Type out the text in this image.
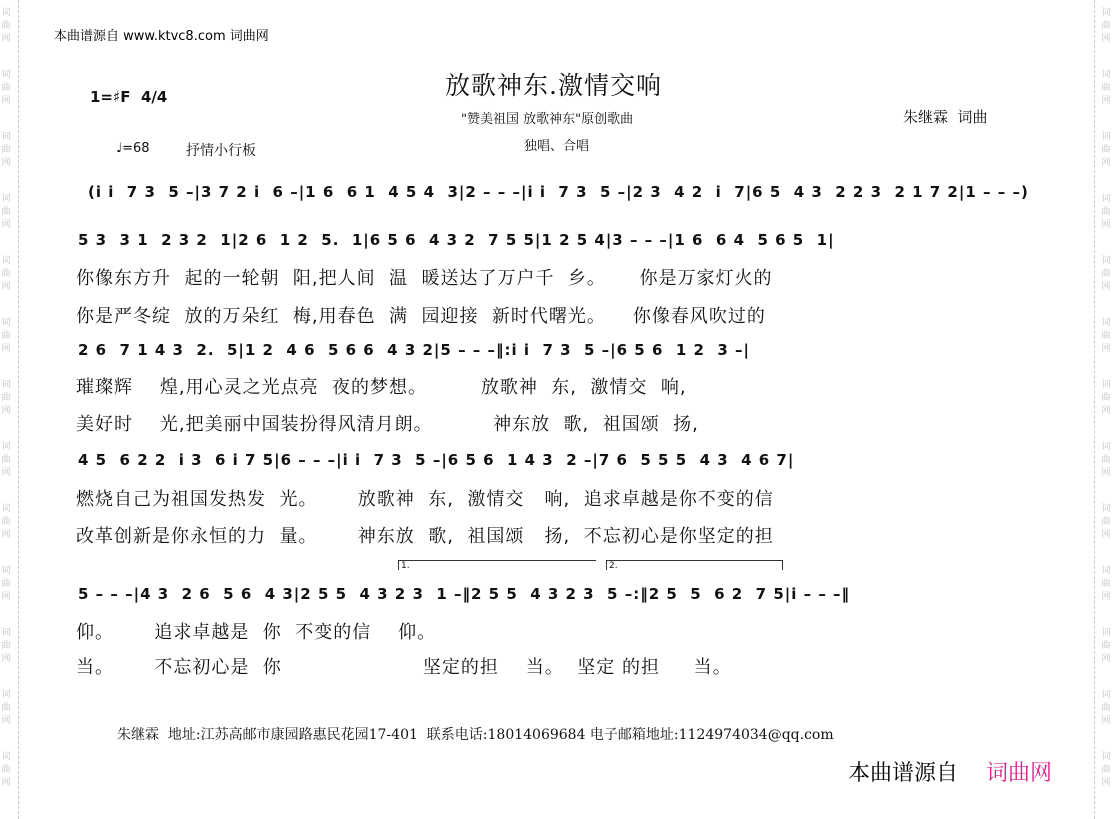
词
曲
网
词
曲
网
词
曲
网
词
曲
网
词
曲
网
词
曲
网
词
曲
网
词
曲
网
词
曲
网
词
曲
网
词
曲
网
词
曲
网
词
曲
网
词
曲
网
词
曲
网
词
曲
网
词
曲
网
词
曲
网
词
曲
网
词
曲
网
词
曲
网
词
曲
网
词
曲
网
词
曲
网
词
曲
网
词
曲
网
本曲谱源自 www.ktvc8.com 词曲网
1=♯F  4/4	放歌神东.激情交响
"赞美祖国 放歌神东"原创歌曲
独唱、合唱
朱继霖  词曲
♩=68	抒情小行板
(i i  7 3  5 –|3 7 2 i  6 –|1 6  6 1  4 5 4  3|2 – – –|i i  7 3  5 –|2 3  4 2  i  7|6 5  4 3  2 2 3  2 1 7 2|1 – – –)
5 3  3 1  2 3 2  1|2 6  1 2  5.  1|6 5 6  4 3 2  7 5 5|1 2 5 4|3 – – –|1 6  6 4  5 6 5  1|
你像东方升  起的一轮朝  阳,把人间  温  暖送达了万户千  乡。     你是万家灯火的
你是严冬绽  放的万朵红  梅,用春色  满  园迎接  新时代曙光。    你像春风吹过的
2 6  7 1 4 3  2.  5|1 2  4 6  5 6 6  4 3 2|5 – – –‖:i i  7 3  5 –|6 5 6  1 2  3 –|
璀璨辉    煌,用心灵之光点亮  夜的梦想。        放歌神  东,  激情交  响,
美好时    光,把美丽中国装扮得风清月朗。         神东放  歌,  祖国颂  扬,
4 5  6 2 2  i 3  6 i 7 5|6 – – –|i i  7 3  5 –|6 5 6  1 4 3  2 –|7 6  5 5 5  4 3  4 6 7|
燃烧自己为祖国发热发  光。      放歌神  东,  激情交   响,  追求卓越是你不变的信
改革创新是你永恒的力  量。      神东放  歌,  祖国颂   扬,  不忘初心是你坚定的担
1.	2.
5 – – –|4 3  2 6  5 6  4 3|2 5 5  4 3 2 3  1 –‖2 5 5  4 3 2 3  5 –:‖2 5  5  6 2  7 5|i – – –‖
仰。      追求卓越是  你  不变的信    仰。
当。      不忘初心是  你                     坚定的担    当。  坚定 的担     当。
朱继霖  地址:江苏高邮市康园路惠民花园17-401  联系电话:18014069684 电子邮箱地址:1124974034@qq.com
本曲谱源自 词曲网
